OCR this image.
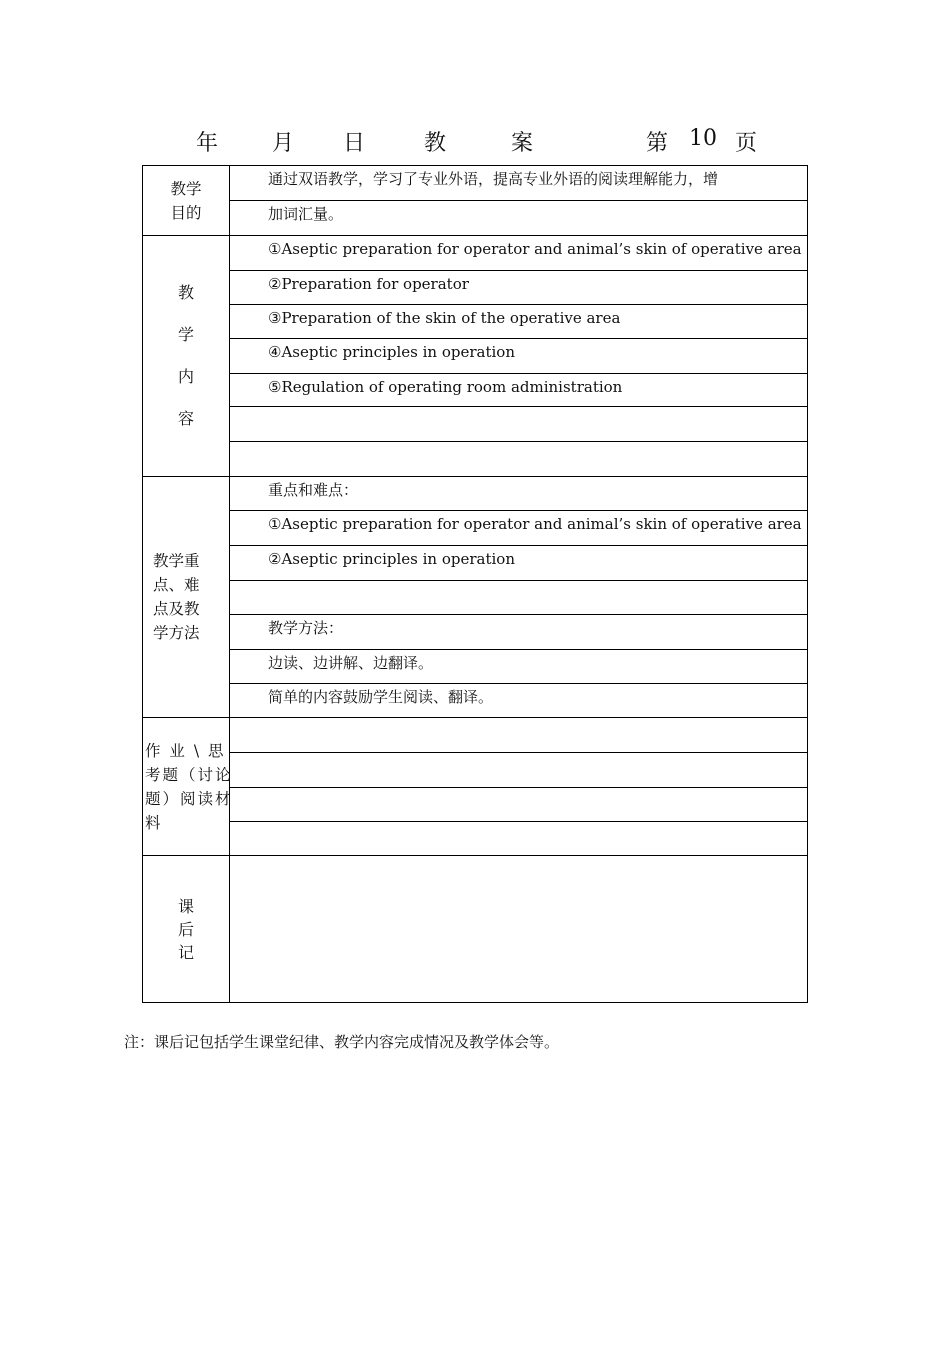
年 月 日	教	案	第 10 页
教学
目的	通过双语教学，学习了专业外语，提高专业外语的阅读理解能力，增
	加词汇量。

教
学
内
容	①Aseptic preparation for operator and animal’s skin of operative area
	②Preparation for operator
	③Preparation of the skin of the operative area
	④Aseptic principles in operation
	⑤Regulation of operating room administration

教学重
点、难
点及教
学方法	重点和难点：
	①Aseptic preparation for operator and animal’s skin of operative area
	②Aseptic principles in operation

	教学方法：
	边读、边讲解、边翻译。
	简单的内容鼓励学生阅读、翻译。

作 业 \ 思
考题（讨论
题）阅读材
料	

课
后
记	

注：课后记包括学生课堂纪律、教学内容完成情况及教学体会等。
